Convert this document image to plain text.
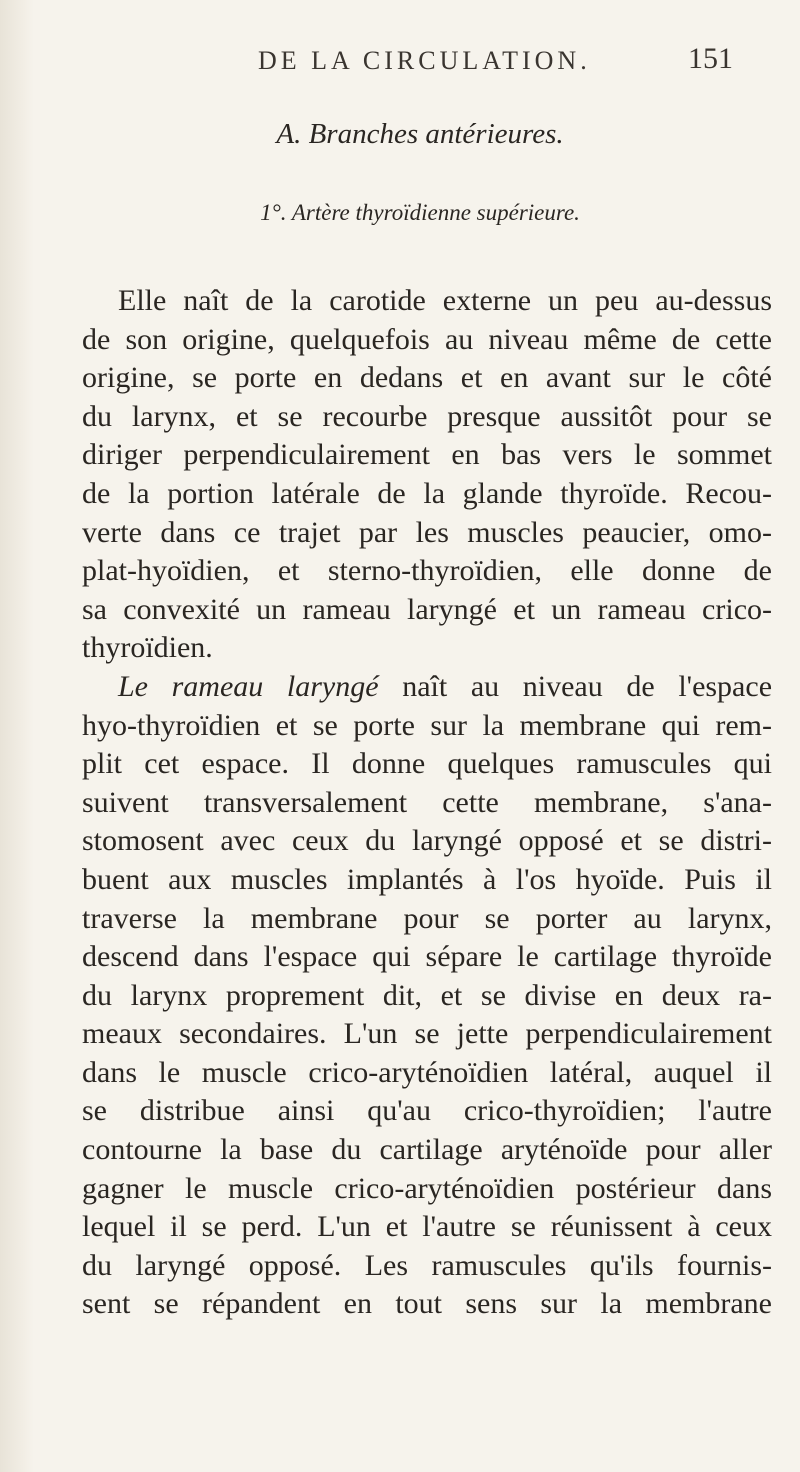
DE LA CIRCULATION.	151
A. Branches antérieures.
1°. Artère thyroïdienne supérieure.
Elle naît de la carotide externe un peu au-dessus
de son origine, quelquefois au niveau même de cette
origine, se porte en dedans et en avant sur le côté
du larynx, et se recourbe presque aussitôt pour se
diriger perpendiculairement en bas vers le sommet
de la portion latérale de la glande thyroïde. Recou-
verte dans ce trajet par les muscles peaucier, omo-
plat-hyoïdien, et sterno-thyroïdien, elle donne de
sa convexité un rameau laryngé et un rameau crico-
thyroïdien.
Le rameau laryngé naît au niveau de l'espace
hyo-thyroïdien et se porte sur la membrane qui rem-
plit cet espace. Il donne quelques ramuscules qui
suivent transversalement cette membrane, s'ana-
stomosent avec ceux du laryngé opposé et se distri-
buent aux muscles implantés à l'os hyoïde. Puis il
traverse la membrane pour se porter au larynx,
descend dans l'espace qui sépare le cartilage thyroïde
du larynx proprement dit, et se divise en deux ra-
meaux secondaires. L'un se jette perpendiculairement
dans le muscle crico-aryténoïdien latéral, auquel il
se distribue ainsi qu'au crico-thyroïdien; l'autre
contourne la base du cartilage aryténoïde pour aller
gagner le muscle crico-aryténoïdien postérieur dans
lequel il se perd. L'un et l'autre se réunissent à ceux
du laryngé opposé. Les ramuscules qu'ils fournis-
sent se répandent en tout sens sur la membrane
